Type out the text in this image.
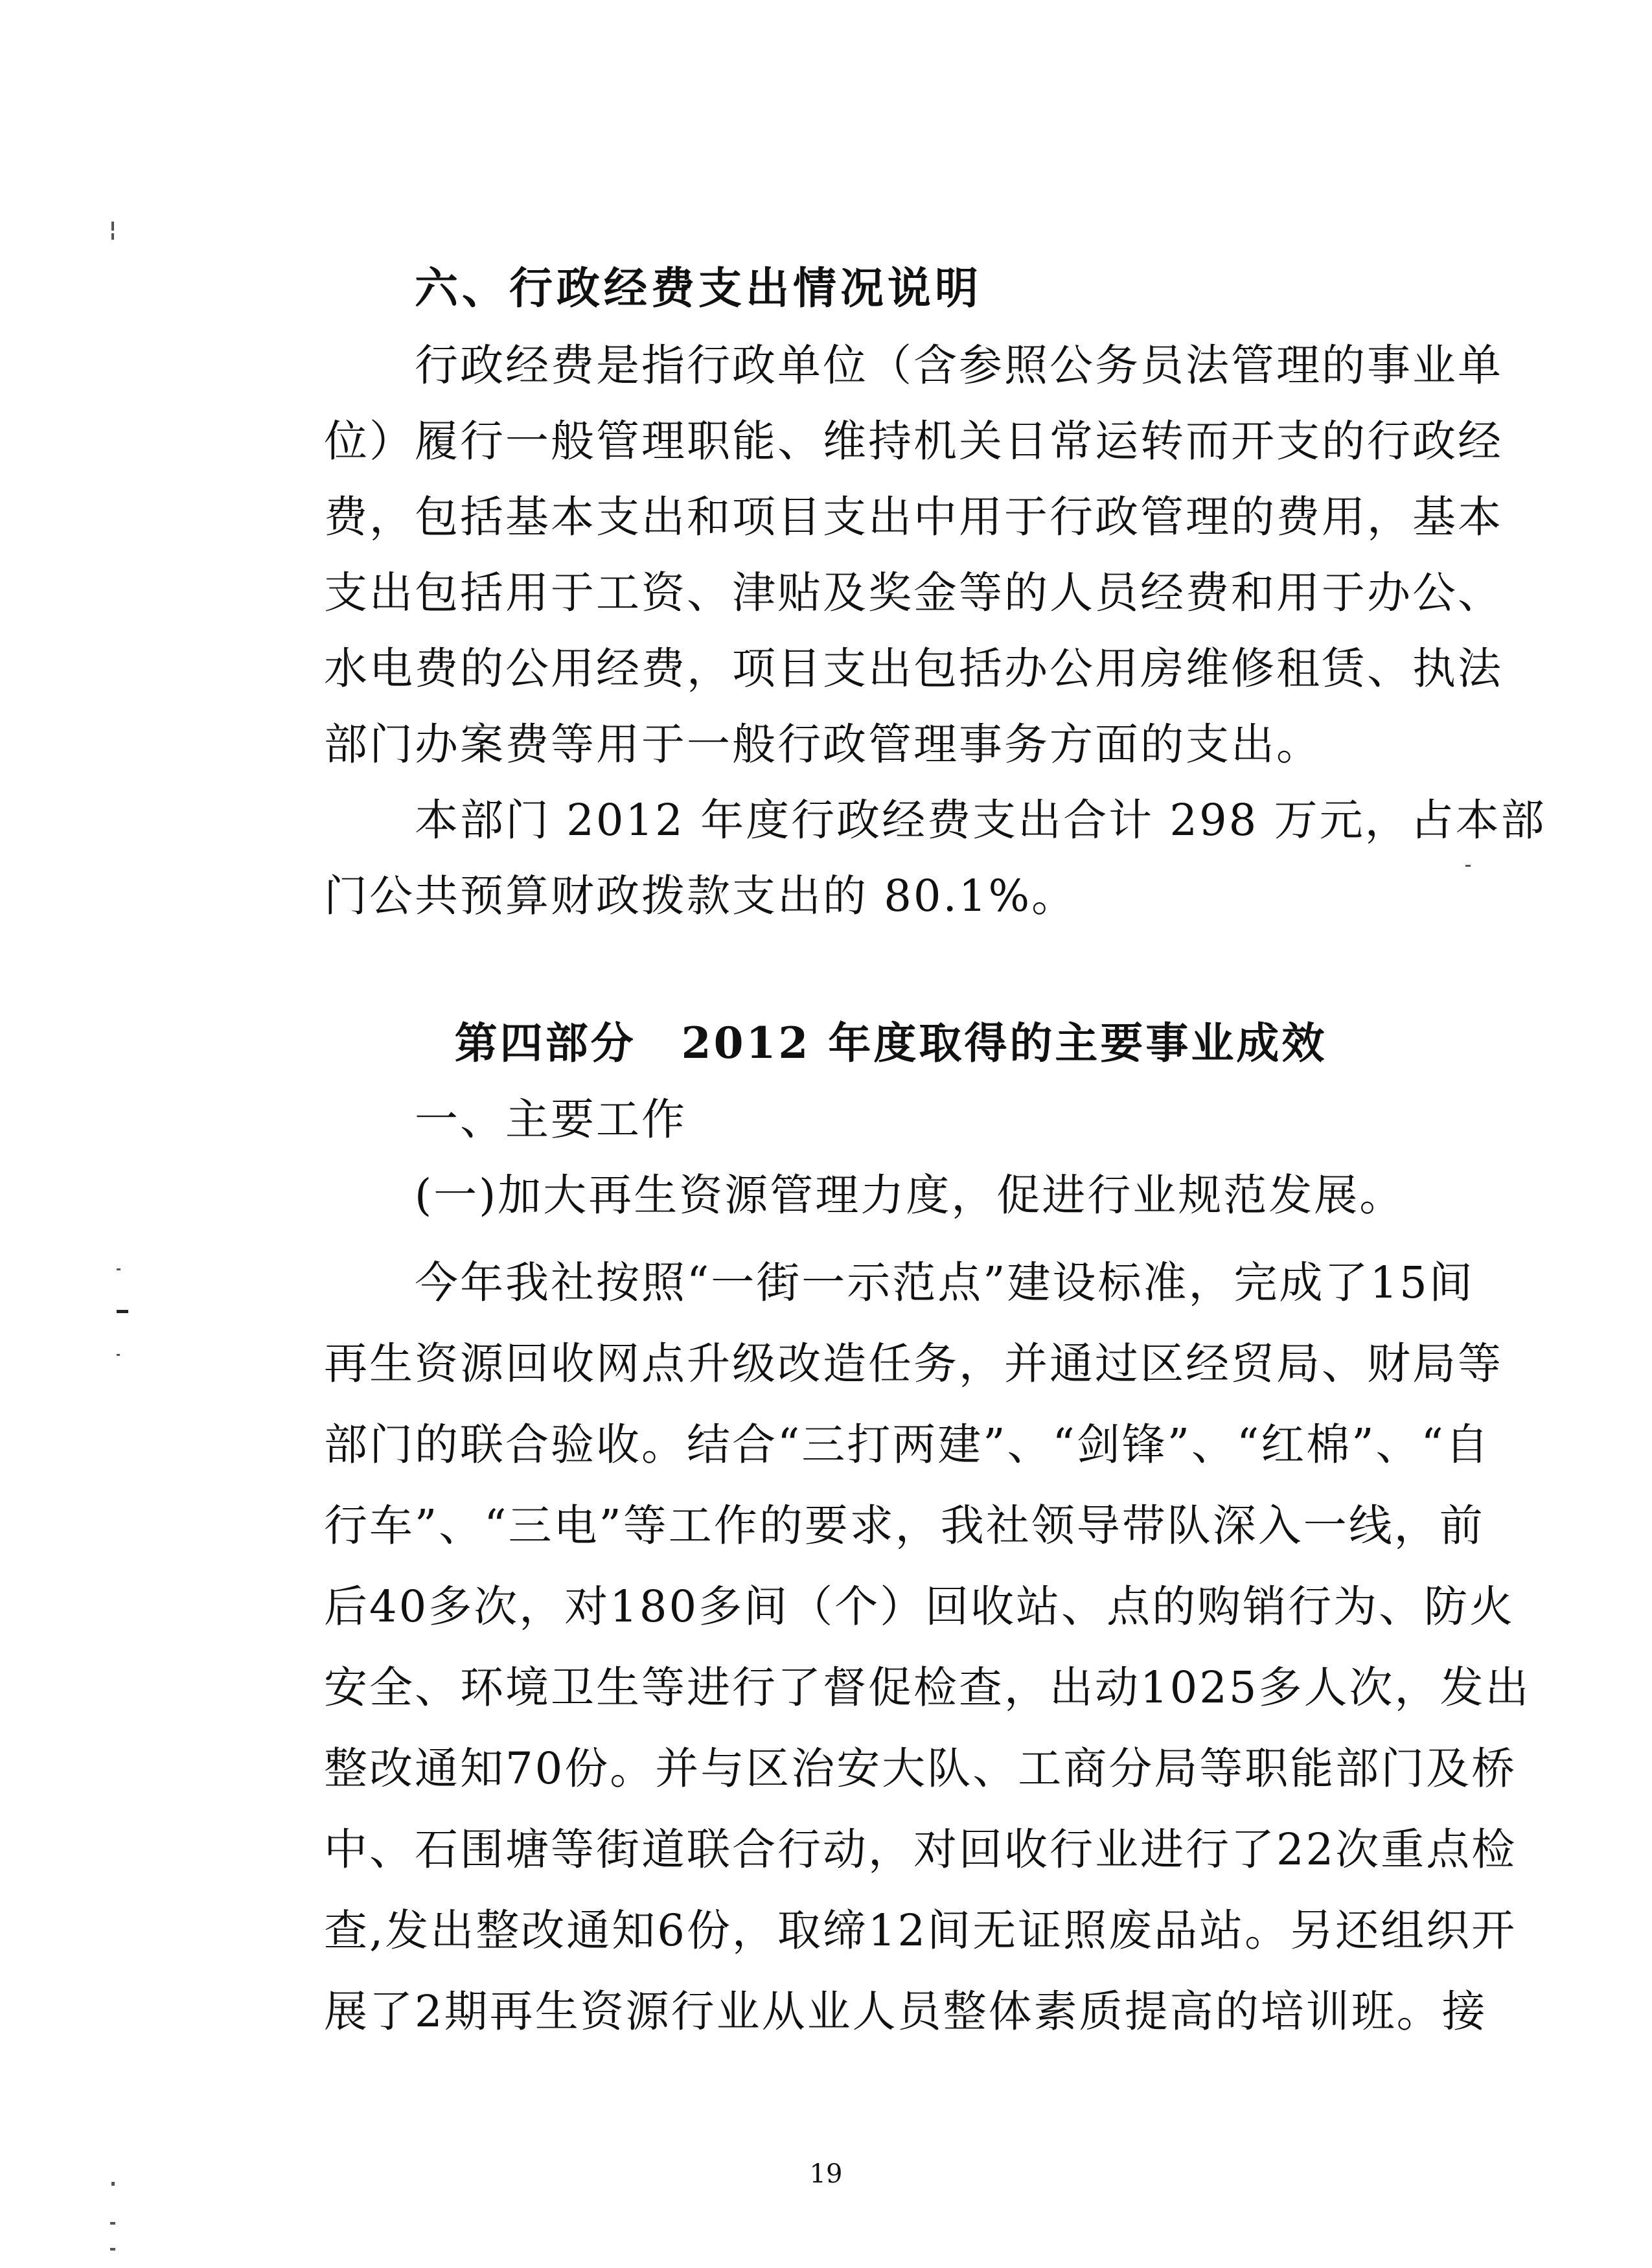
六、行政经费支出情况说明
行政经费是指行政单位（含参照公务员法管理的事业单
位）履行一般管理职能、维持机关日常运转而开支的行政经
费，包括基本支出和项目支出中用于行政管理的费用，基本
支出包括用于工资、津贴及奖金等的人员经费和用于办公、
水电费的公用经费，项目支出包括办公用房维修租赁、执法
部门办案费等用于一般行政管理事务方面的支出。
本部门 2012 年度行政经费支出合计 298 万元，占本部
门公共预算财政拨款支出的 80.1%。
第四部分　2012 年度取得的主要事业成效
一、主要工作
(一)加大再生资源管理力度，促进行业规范发展。
今年我社按照“一街一示范点”建设标准，完成了15间
再生资源回收网点升级改造任务，并通过区经贸局、财局等
部门的联合验收。结合“三打两建”、“剑锋”、“红棉”、“自
行车”、“三电”等工作的要求，我社领导带队深入一线，前
后40多次，对180多间（个）回收站、点的购销行为、防火
安全、环境卫生等进行了督促检查，出动1025多人次，发出
整改通知70份。并与区治安大队、工商分局等职能部门及桥
中、石围塘等街道联合行动，对回收行业进行了22次重点检
查,发出整改通知6份，取缔12间无证照废品站。另还组织开
展了2期再生资源行业从业人员整体素质提高的培训班。接
19
